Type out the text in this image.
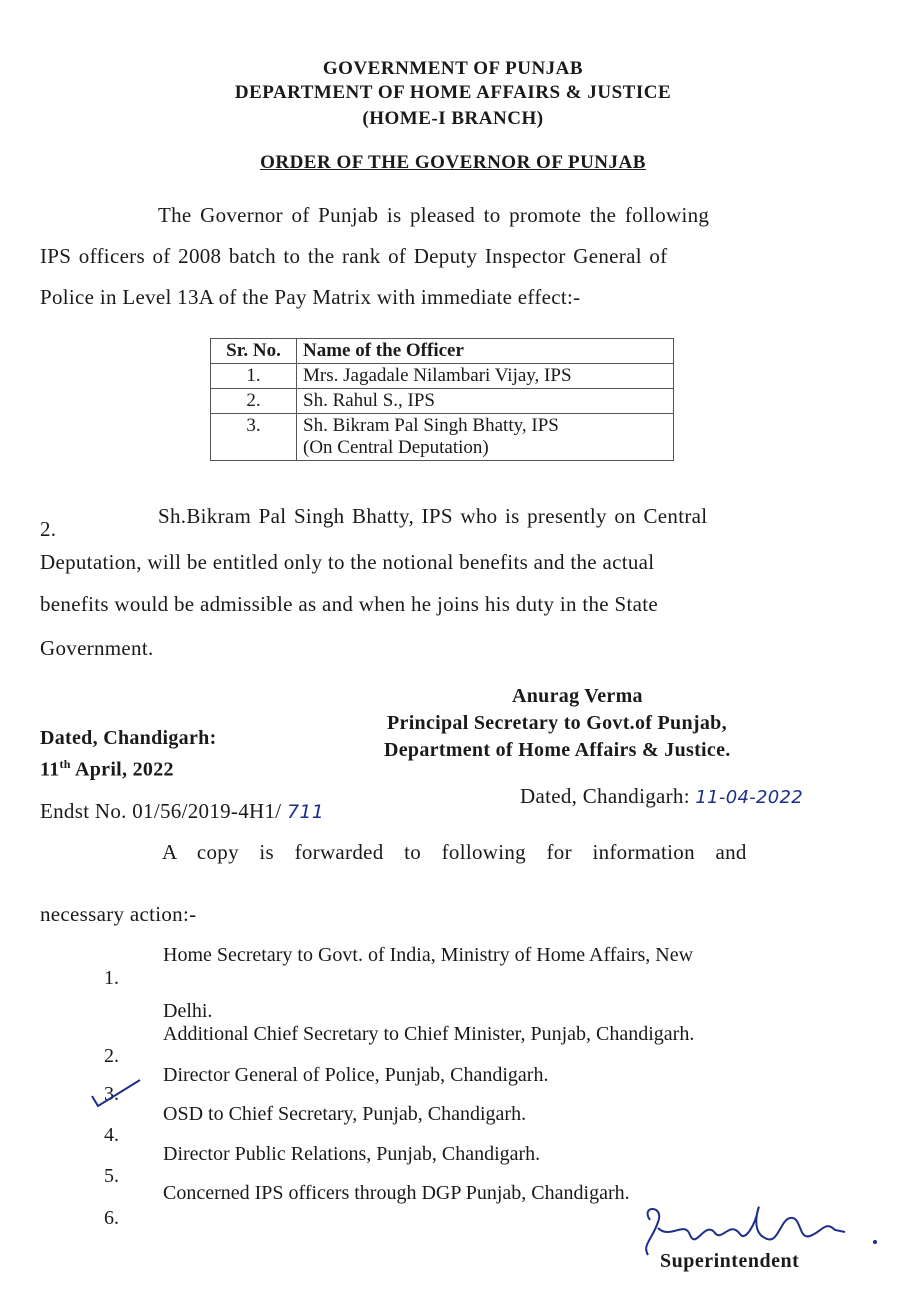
GOVERNMENT OF PUNJAB
DEPARTMENT OF HOME AFFAIRS & JUSTICE
(HOME-I BRANCH)
ORDER OF THE GOVERNOR OF PUNJAB
The Governor of Punjab is pleased to promote the following
IPS officers of 2008 batch to the rank of Deputy Inspector General of
Police in Level 13A of the Pay Matrix with immediate effect:-
Sr. No.	Name of the Officer
1.	Mrs. Jagadale Nilambari Vijay, IPS
2.	Sh. Rahul S., IPS
3.	Sh. Bikram Pal Singh Bhatty, IPS
(On Central Deputation)
2.
Sh.Bikram Pal Singh Bhatty, IPS who is presently on Central
Deputation, will be entitled only to the notional benefits and the actual
benefits would be admissible as and when he joins his duty in the State
Government.
Anurag Verma
Principal Secretary to Govt.of Punjab,
Department of Home Affairs & Justice.
Dated, Chandigarh:
11th April, 2022
Endst No. 01/56/2019-4H1/ 711
Dated, Chandigarh: 11-04-2022
A copy is forwarded to following for information and
necessary action:-
1.
Home Secretary to Govt. of India, Ministry of Home Affairs, New
Delhi.
2.
Additional Chief Secretary to Chief Minister, Punjab, Chandigarh.
3.
Director General of Police, Punjab, Chandigarh.
4.
OSD to Chief Secretary, Punjab, Chandigarh.
5.
Director Public Relations, Punjab, Chandigarh.
6.
Concerned IPS officers through DGP Punjab, Chandigarh.
Superintendent
